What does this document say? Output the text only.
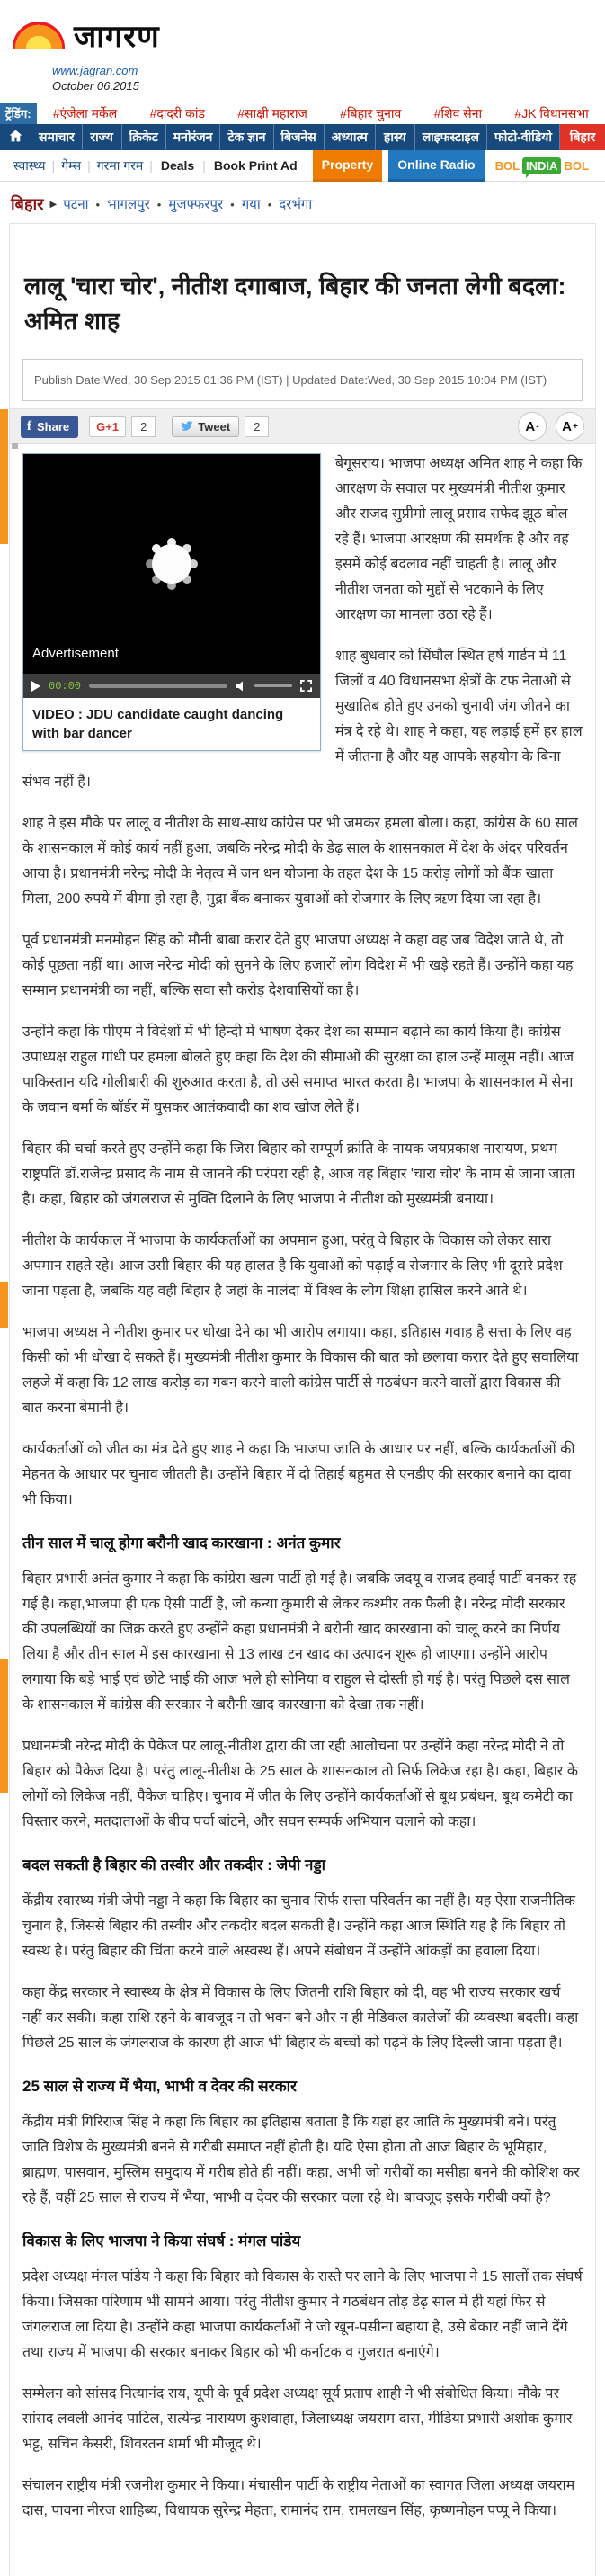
जागरण
www.jagran.com
October 06,2015
ट्रेंडिंग:	#एंजेला मर्केल	#दादरी कांड	#साक्षी महाराज	#बिहार चुनाव	#शिव सेना	#JK विधानसभा
समाचार	राज्य	क्रिकेट	मनोरंजन	टेक ज्ञान	बिजनेस	अध्यात्म	हास्य	लाइफस्टाइल	फोटो-वीडियो	बिहार
स्वास्थ्य | गेम्स | गरमा गरम | Deals | Book Print Ad	Property	Online Radio	BOL INDIA BOL
बिहार ▶ पटना • भागलपुर • मुजफ्फरपुर • गया • दरभंगा
लालू 'चारा चोर', नीतीश दगाबाज, बिहार की जनता लेगी बदला: अमित शाह
Publish Date:Wed, 30 Sep 2015 01:36 PM (IST) | Updated Date:Wed, 30 Sep 2015 10:04 PM (IST)
f Share	G+1	2	Tweet	2	A - A +
Advertisement
00:00
VIDEO : JDU candidate caught dancing with bar dancer

बेगूसराय। भाजपा अध्यक्ष अमित शाह ने कहा कि आरक्षण के सवाल पर मुख्यमंत्री नीतीश कुमार और राजद सुप्रीमो लालू प्रसाद सफेद झूठ बोल रहे हैं। भाजपा आरक्षण की समर्थक है और वह इसमें कोई बदलाव नहीं चाहती है। लालू और नीतीश जनता को मुद्दों से भटकाने के लिए आरक्षण का मामला उठा रहे हैं।

शाह बुधवार को सिंघौल स्थित हर्ष गार्डन में 11 जिलों व 40 विधानसभा क्षेत्रों के टफ नेताओं से मुखातिब होते हुए उनको चुनावी जंग जीतने का मंत्र दे रहे थे। शाह ने कहा, यह लड़ाई हमें हर हाल में जीतना है और यह आपके सहयोग के बिना संभव नहीं है।

शाह ने इस मौके पर लालू व नीतीश के साथ-साथ कांग्रेस पर भी जमकर हमला बोला। कहा, कांग्रेस के 60 साल के शासनकाल में कोई कार्य नहीं हुआ, जबकि नरेन्द्र मोदी के डेढ़ साल के शासनकाल में देश के अंदर परिवर्तन आया है। प्रधानमंत्री नरेन्द्र मोदी के नेतृत्व में जन धन योजना के तहत देश के 15 करोड़ लोगों को बैंक खाता मिला, 200 रुपये में बीमा हो रहा है, मुद्रा बैंक बनाकर युवाओं को रोजगार के लिए ऋण दिया जा रहा है।

पूर्व प्रधानमंत्री मनमोहन सिंह को मौनी बाबा करार देते हुए भाजपा अध्यक्ष ने कहा वह जब विदेश जाते थे, तो कोई पूछता नहीं था। आज नरेन्द्र मोदी को सुनने के लिए हजारों लोग विदेश में भी खड़े रहते हैं। उन्होंने कहा यह सम्मान प्रधानमंत्री का नहीं, बल्कि सवा सौ करोड़ देशवासियों का है।

उन्होंने कहा कि पीएम ने विदेशों में भी हिन्दी में भाषण देकर देश का सम्मान बढ़ाने का कार्य किया है। कांग्रेस उपाध्यक्ष राहुल गांधी पर हमला बोलते हुए कहा कि देश की सीमाओं की सुरक्षा का हाल उन्हें मालूम नहीं। आज पाकिस्तान यदि गोलीबारी की शुरुआत करता है, तो उसे समाप्त भारत करता है। भाजपा के शासनकाल में सेना के जवान बर्मा के बॉर्डर में घुसकर आतंकवादी का शव खोज लेते हैं।

बिहार की चर्चा करते हुए उन्होंने कहा कि जिस बिहार को सम्पूर्ण क्रांति के नायक जयप्रकाश नारायण, प्रथम राष्ट्रपति डॉ.राजेन्द्र प्रसाद के नाम से जानने की परंपरा रही है, आज वह बिहार 'चारा चोर' के नाम से जाना जाता है। कहा, बिहार को जंगलराज से मुक्ति दिलाने के लिए भाजपा ने नीतीश को मुख्यमंत्री बनाया।

नीतीश के कार्यकाल में भाजपा के कार्यकर्ताओं का अपमान हुआ, परंतु वे बिहार के विकास को लेकर सारा अपमान सहते रहे। आज उसी बिहार की यह हालत है कि युवाओं को पढ़ाई व रोजगार के लिए भी दूसरे प्रदेश जाना पड़ता है, जबकि यह वही बिहार है जहां के नालंदा में विश्व के लोग शिक्षा हासिल करने आते थे।

भाजपा अध्यक्ष ने नीतीश कुमार पर धोखा देने का भी आरोप लगाया। कहा, इतिहास गवाह है सत्ता के लिए वह किसी को भी धोखा दे सकते हैं। मुख्यमंत्री नीतीश कुमार के विकास की बात को छलावा करार देते हुए सवालिया लहजे में कहा कि 12 लाख करोड़ का गबन करने वाली कांग्रेस पार्टी से गठबंधन करने वालों द्वारा विकास की बात करना बेमानी है।

कार्यकर्ताओं को जीत का मंत्र देते हुए शाह ने कहा कि भाजपा जाति के आधार पर नहीं, बल्कि कार्यकर्ताओं की मेहनत के आधार पर चुनाव जीतती है। उन्होंने बिहार में दो तिहाई बहुमत से एनडीए की सरकार बनाने का दावा भी किया।

तीन साल में चालू होगा बरौनी खाद कारखाना : अनंत कुमार

बिहार प्रभारी अनंत कुमार ने कहा कि कांग्रेस खत्म पार्टी हो गई है। जबकि जदयू व राजद हवाई पार्टी बनकर रह गई है। कहा,भाजपा ही एक ऐसी पार्टी है, जो कन्या कुमारी से लेकर कश्मीर तक फैली है। नरेन्द्र मोदी सरकार की उपलब्धियों का जिक्र करते हुए उन्होंने कहा प्रधानमंत्री ने बरौनी खाद कारखाना को चालू करने का निर्णय लिया है और तीन साल में इस कारखाना से 13 लाख टन खाद का उत्पादन शुरू हो जाएगा। उन्होंने आरोप लगाया कि बड़े भाई एवं छोटे भाई की आज भले ही सोनिया व राहुल से दोस्ती हो गई है। परंतु पिछले दस साल के शासनकाल में कांग्रेस की सरकार ने बरौनी खाद कारखाना को देखा तक नहीं।

प्रधानमंत्री नरेन्द्र मोदी के पैकेज पर लालू-नीतीश द्वारा की जा रही आलोचना पर उन्होंने कहा नरेन्द्र मोदी ने तो बिहार को पैकेज दिया है। परंतु लालू-नीतीश के 25 साल के शासनकाल तो सिर्फ लिकेज रहा है। कहा, बिहार के लोगों को लिकेज नहीं, पैकेज चाहिए। चुनाव में जीत के लिए उन्होंने कार्यकर्ताओं से बूथ प्रबंधन, बूथ कमेटी का विस्तार करने, मतदाताओं के बीच पर्चा बांटने, और सघन सम्पर्क अभियान चलाने को कहा।

बदल सकती है बिहार की तस्वीर और तकदीर : जेपी नड्डा

केंद्रीय स्वास्थ्य मंत्री जेपी नड्डा ने कहा कि बिहार का चुनाव सिर्फ सत्ता परिवर्तन का नहीं है। यह ऐसा राजनीतिक चुनाव है, जिससे बिहार की तस्वीर और तकदीर बदल सकती है। उन्होंने कहा आज स्थिति यह है कि बिहार तो स्वस्थ है। परंतु बिहार की चिंता करने वाले अस्वस्थ हैं। अपने संबोधन में उन्होंने आंकड़ों का हवाला दिया।

कहा केंद्र सरकार ने स्वास्थ्य के क्षेत्र में विकास के लिए जितनी राशि बिहार को दी, वह भी राज्य सरकार खर्च नहीं कर सकी। कहा राशि रहने के बावजूद न तो भवन बने और न ही मेडिकल कालेजों की व्यवस्था बदली। कहा पिछले 25 साल के जंगलराज के कारण ही आज भी बिहार के बच्चों को पढ़ने के लिए दिल्ली जाना पड़ता है।

25 साल से राज्य में भैया, भाभी व देवर की सरकार

केंद्रीय मंत्री गिरिराज सिंह ने कहा कि बिहार का इतिहास बताता है कि यहां हर जाति के मुख्यमंत्री बने। परंतु जाति विशेष के मुख्यमंत्री बनने से गरीबी समाप्त नहीं होती है। यदि ऐसा होता तो आज बिहार के भूमिहार, ब्राह्मण, पासवान, मुस्लिम समुदाय में गरीब होते ही नहीं। कहा, अभी जो गरीबों का मसीहा बनने की कोशिश कर रहे हैं, वहीं 25 साल से राज्य में भैया, भाभी व देवर की सरकार चला रहे थे। बावजूद इसके गरीबी क्यों है?

विकास के लिए भाजपा ने किया संघर्ष : मंगल पांडेय

प्रदेश अध्यक्ष मंगल पांडेय ने कहा कि बिहार को विकास के रास्ते पर लाने के लिए भाजपा ने 15 सालों तक संघर्ष किया। जिसका परिणाम भी सामने आया। परंतु नीतीश कुमार ने गठबंधन तोड़ डेढ़ साल में ही यहां फिर से जंगलराज ला दिया है। उन्होंने कहा भाजपा कार्यकर्ताओं ने जो खून-पसीना बहाया है, उसे बेकार नहीं जाने देंगे तथा राज्य में भाजपा की सरकार बनाकर बिहार को भी कर्नाटक व गुजरात बनाएंगे।

सम्मेलन को सांसद नित्यानंद राय, यूपी के पूर्व प्रदेश अध्यक्ष सूर्य प्रताप शाही ने भी संबोधित किया। मौके पर सांसद लवली आनंद पाटिल, सत्येन्द्र नारायण कुशवाहा, जिलाध्यक्ष जयराम दास, मीडिया प्रभारी अशोक कुमार भट्ट, सचिन केसरी, शिवरतन शर्मा भी मौजूद थे।

संचालन राष्ट्रीय मंत्री रजनीश कुमार ने किया। मंचासीन पार्टी के राष्ट्रीय नेताओं का स्वागत जिला अध्यक्ष जयराम दास, पावना नीरज शाहिब्य, विधायक सुरेन्द्र मेहता, रामानंद राम, रामलखन सिंह, कृष्णमोहन पप्पू ने किया।
